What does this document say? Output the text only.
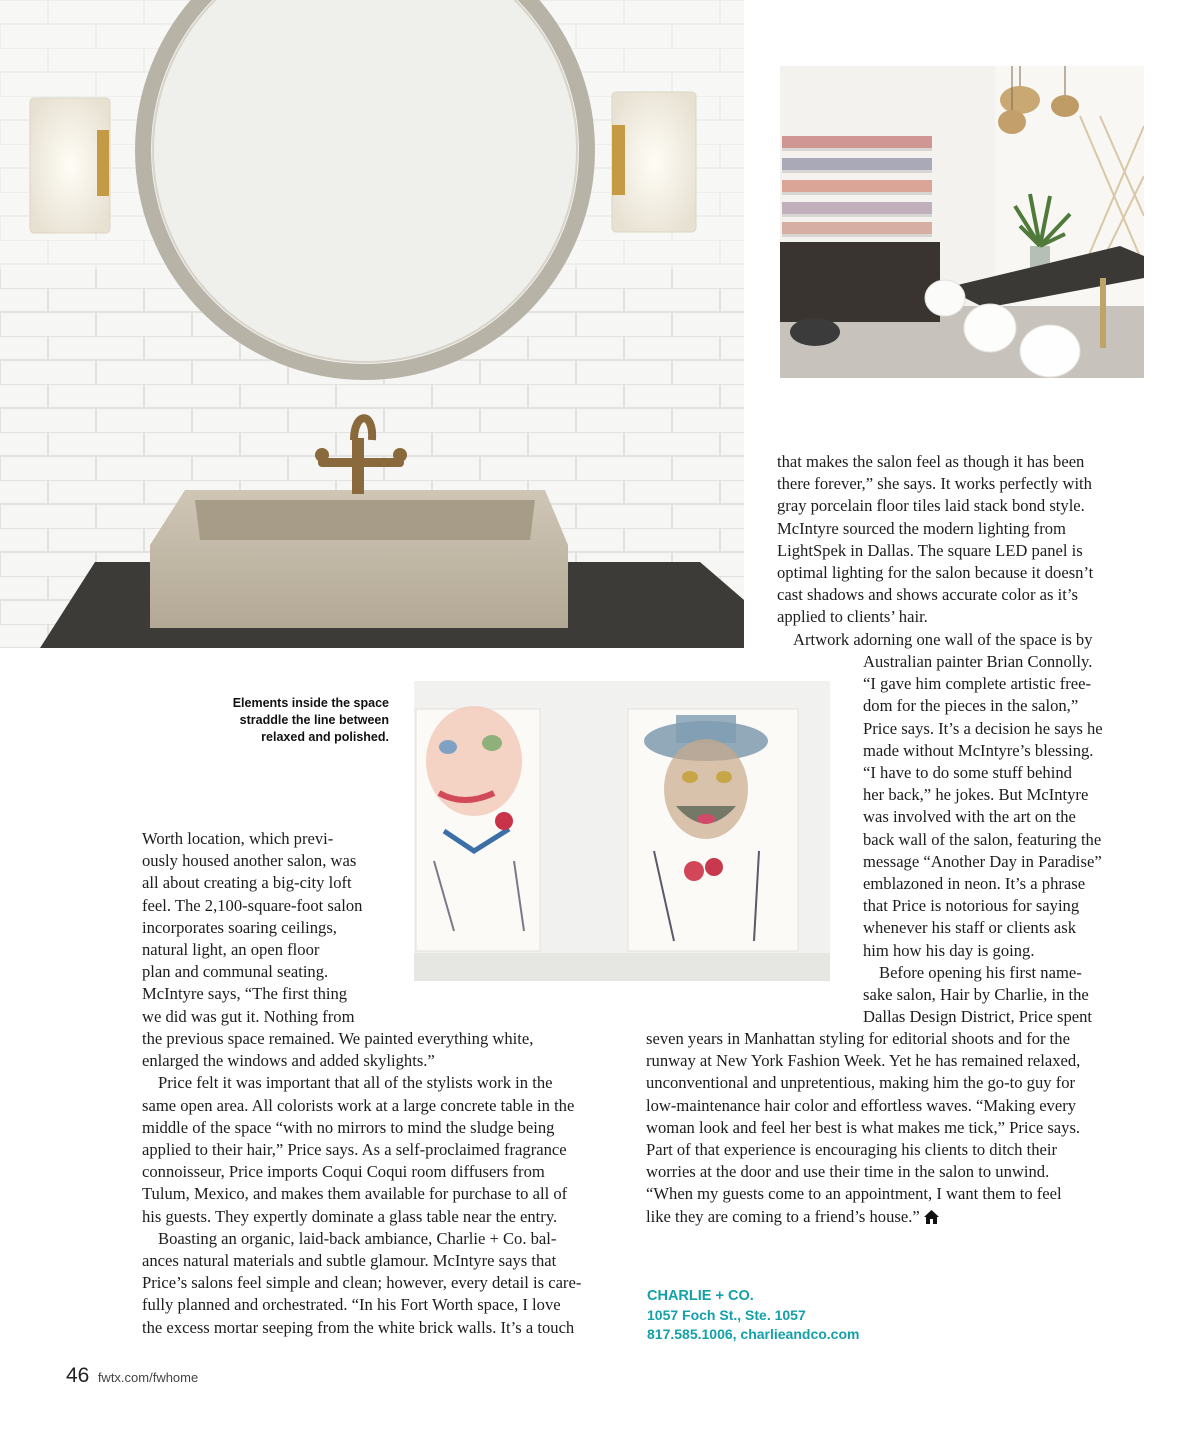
Elements inside the space
straddle the line between
relaxed and polished.

that makes the salon feel as though it has been

there forever,” she says. It works perfectly with

gray porcelain floor tiles laid stack bond style.

McIntyre sourced the modern lighting from

LightSpek in Dallas. The square LED panel is

optimal lighting for the salon because it doesn’t

cast shadows and shows accurate color as it’s

applied to clients’ hair.

Artwork adorning one wall of the space is by

Australian painter Brian Connolly.

“I gave him complete artistic free-

dom for the pieces in the salon,”

Price says. It’s a decision he says he

made without McIntyre’s blessing.

“I have to do some stuff behind

her back,” he jokes. But McIntyre

was involved with the art on the

back wall of the salon, featuring the

message “Another Day in Paradise”

emblazoned in neon. It’s a phrase

that Price is notorious for saying

whenever his staff or clients ask

him how his day is going.

Before opening his first name-

sake salon, Hair by Charlie, in the

Dallas Design District, Price spent

seven years in Manhattan styling for editorial shoots and for the

runway at New York Fashion Week. Yet he has remained relaxed,

unconventional and unpretentious, making him the go-to guy for

low-maintenance hair color and effortless waves. “Making every

woman look and feel her best is what makes me tick,” Price says.

Part of that experience is encouraging his clients to ditch their

worries at the door and use their time in the salon to unwind.

“When my guests come to an appointment, I want them to feel

like they are coming to a friend’s house.”

Worth location, which previ-

ously housed another salon, was

all about creating a big-city loft

feel. The 2,100-square-foot salon

incorporates soaring ceilings,

natural light, an open floor

plan and communal seating.

McIntyre says, “The first thing

we did was gut it. Nothing from

the previous space remained. We painted everything white,

enlarged the windows and added skylights.”

Price felt it was important that all of the stylists work in the

same open area. All colorists work at a large concrete table in the

middle of the space “with no mirrors to mind the sludge being

applied to their hair,” Price says. As a self-proclaimed fragrance

connoisseur, Price imports Coqui Coqui room diffusers from

Tulum, Mexico, and makes them available for purchase to all of

his guests. They expertly dominate a glass table near the entry.

Boasting an organic, laid-back ambiance, Charlie + Co. bal-

ances natural materials and subtle glamour. McIntyre says that

Price’s salons feel simple and clean; however, every detail is care-

fully planned and orchestrated. “In his Fort Worth space, I love

the excess mortar seeping from the white brick walls. It’s a touch

CHARLIE + CO.
1057 Foch St., Ste. 1057
817.585.1006, charlieandco.com
46 fwtx.com/fwhome
